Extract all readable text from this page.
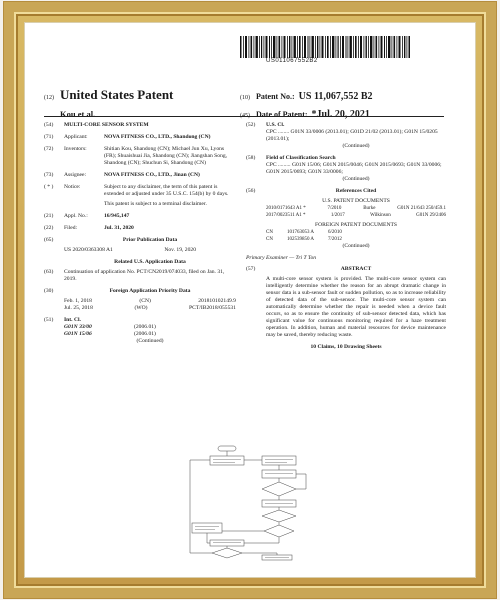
US011067552B2
(12) United States Patent
Kou et al.
(10) Patent No.: US 11,067,552 B2
(45) Date of Patent: *Jul. 20, 2021
(54) MULTI-CORE SENSOR SYSTEM
(71) Applicant:	NOVA FITNESS CO., LTD., Shandong (CN)
(72) Inventors:	Shitian Kou, Shandong (CN); Michael Jun Xu, Lyons (FR); Shuaishuai Jia, Shandong (CN); Jiangshan Song, Shandong (CN); Shuchun Si, Shandong (CN)
(73) Assignee:	NOVA FITNESS CO., LTD., Jinan (CN)
( * ) Notice:	Subject to any disclaimer, the term of this patent is extended or adjusted under 35 U.S.C. 154(b) by 0 days.
This patent is subject to a terminal disclaimer.
(21) Appl. No.:	16/945,147
(22) Filed:	Jul. 31, 2020
(65)	Prior Publication Data
US 2020/0363308 A1	Nov. 19, 2020
Related U.S. Application Data
(63) Continuation of application No. PCT/CN2019/074033, filed on Jan. 31, 2019.
(30)	Foreign Application Priority Data
Feb. 1, 2018	(CN)	201810102149.9
Jul. 25, 2018	(WO)	PCT/IB2018/055531
(51) Int. Cl.
G01N 33/00	(2006.01)
G01N 15/06	(2006.01)
(Continued)
(52) U.S. Cl.
CPC ........ G01N 33/0006 (2013.01); G01D 21/02 (2013.01); G01N 15/0205 (2013.01);
(Continued)
(58) Field of Classification Search
CPC ......... G01N 15/06; G01N 2015/0046; G01N 2015/0693; G01N 33/0006; G01N 2015/0693; G01N 33/0006;
(Continued)
(56)	References Cited
U.S. PATENT DOCUMENTS
2010/0171643 A1 *	7/2010	Burke	G01N 21/643 250/459.1
2017/0023511 A1 *	1/2017	Wilkinson	G01N 29/2406
FOREIGN PATENT DOCUMENTS
CN	101763053 A	6/2010
CN	102539850 A	7/2012
(Continued)
Primary Examiner — Tri T Ton
(57)	ABSTRACT
A multi-core sensor system is provided. The multi-core sensor system can intelligently determine whether the reason for an abrupt dramatic change in sensor data is a sub-sensor fault or sudden pollution, so as to increase reliability of detected data of the sub-sensor. The multi-core sensor system can automatically determine whether the repair is needed when a device fault occurs, so as to ensure the continuity of sub-sensor detected data, which has significant value for continuous monitoring required for a haze treatment operation. In addition, human and material resources for device maintenance may be saved, thereby reducing waste.
10 Claims, 10 Drawing Sheets
